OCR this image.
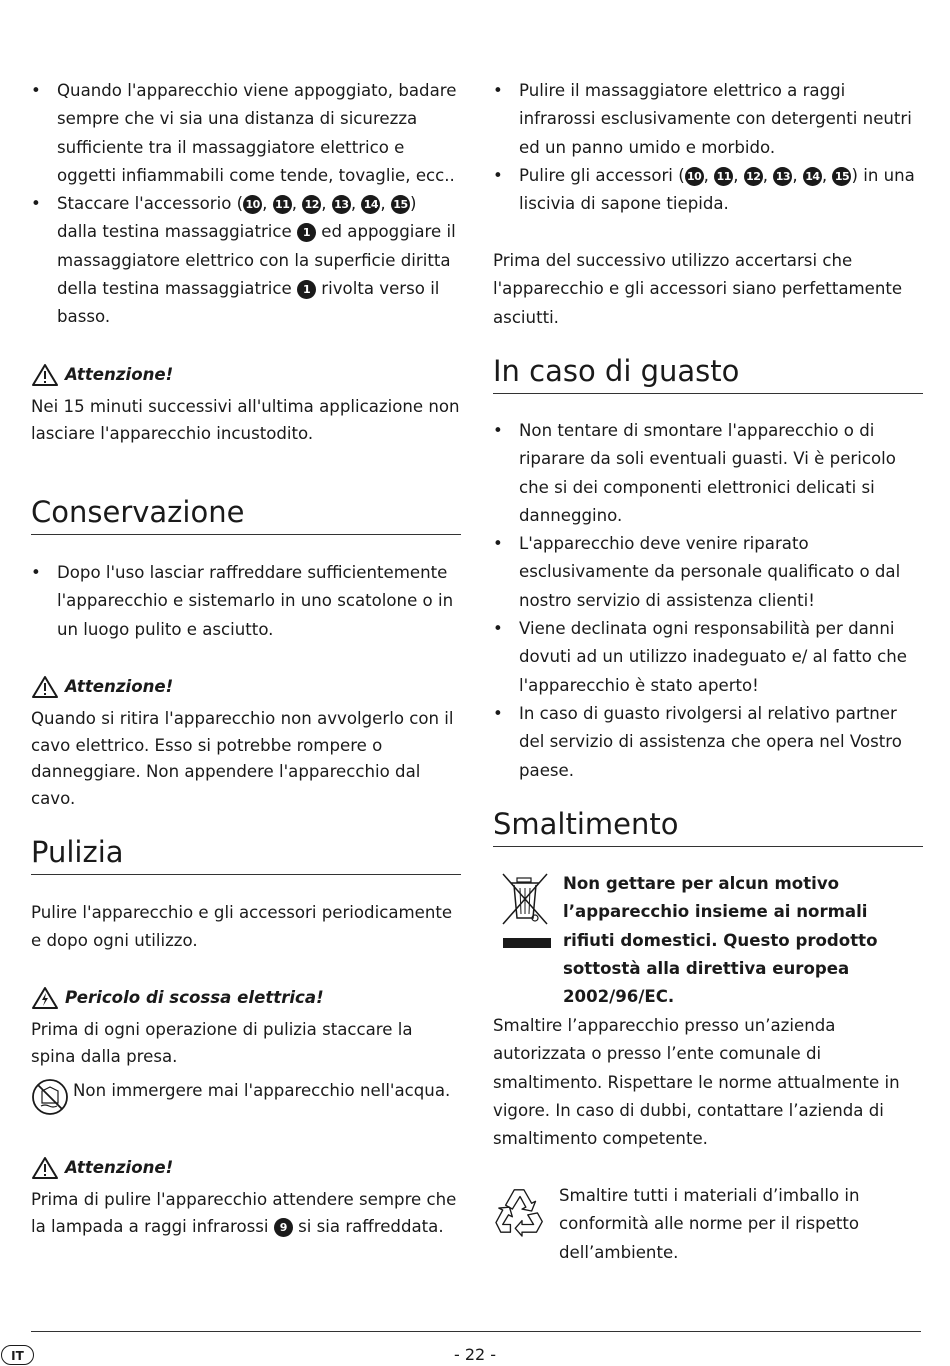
• Quando l'apparecchio viene appoggiato, badare sempre che vi sia una distanza di sicurezza sufficiente tra il massaggiatore elettrico e oggetti infiammabili come tende, tovaglie, ecc..
• Staccare l'accessorio ( 10 , 11 , 12 , 13 , 14 , 15 ) dalla testina massaggiatrice 1 ed appoggiare il massaggiatore elettrico con la superficie diritta della testina massaggiatrice 1 rivolta verso il basso.
Attenzione!

Nei 15 minuti successivi all'ultima applicazione non lasciare l'apparecchio incustodito.

Conservazione
• Dopo l'uso lasciar raffreddare sufficientemente l'apparecchio e sistemarlo in uno scatolone o in un luogo pulito e asciutto.
Attenzione!

Quando si ritira l'apparecchio non avvolgerlo con il cavo elettrico. Esso si potrebbe rompere o danneggiare. Non appendere l'apparecchio dal cavo.

Pulizia

Pulire l'apparecchio e gli accessori periodicamente e dopo ogni utilizzo.

Pericolo di scossa elettrica!

Prima di ogni operazione di pulizia staccare la spina dalla presa.

Non immergere mai l'apparecchio nell'acqua.
Attenzione!

Prima di pulire l'apparecchio attendere sempre che la lampada a raggi infrarossi 9 si sia raffreddata.

• Pulire il massaggiatore elettrico a raggi infrarossi esclusivamente con detergenti neutri ed un panno umido e morbido.
• Pulire gli accessori ( 10 , 11 , 12 , 13 , 14 , 15 ) in una liscivia di sapone tiepida.

Prima del successivo utilizzo accertarsi che l'apparecchio e gli accessori siano perfettamente asciutti.

In caso di guasto
• Non tentare di smontare l'apparecchio o di riparare da soli eventuali guasti. Vi è pericolo che si dei componenti elettronici delicati si danneggino.
• L'apparecchio deve venire riparato esclusivamente da personale qualificato o dal nostro servizio di assistenza clienti!
• Viene declinata ogni responsabilità per danni dovuti ad un utilizzo inadeguato e/ al fatto che l'apparecchio è stato aperto!
• In caso di guasto rivolgersi al relativo partner del servizio di assistenza che opera nel Vostro paese.
Smaltimento

Non gettare per alcun motivo l’apparecchio insieme ai normali rifiuti domestici. Questo prodotto sottostà alla direttiva europea 2002/96/EC.

Smaltire l’apparecchio presso un’azienda autorizzata o presso l’ente comunale di smaltimento. Rispettare le norme attualmente in vigore. In caso di dubbi, contattare l’azienda di smaltimento competente.

Smaltire tutti i materiali d’imballo in conformità alle norme per il rispetto dell’ambiente.

IT	- 22 -
